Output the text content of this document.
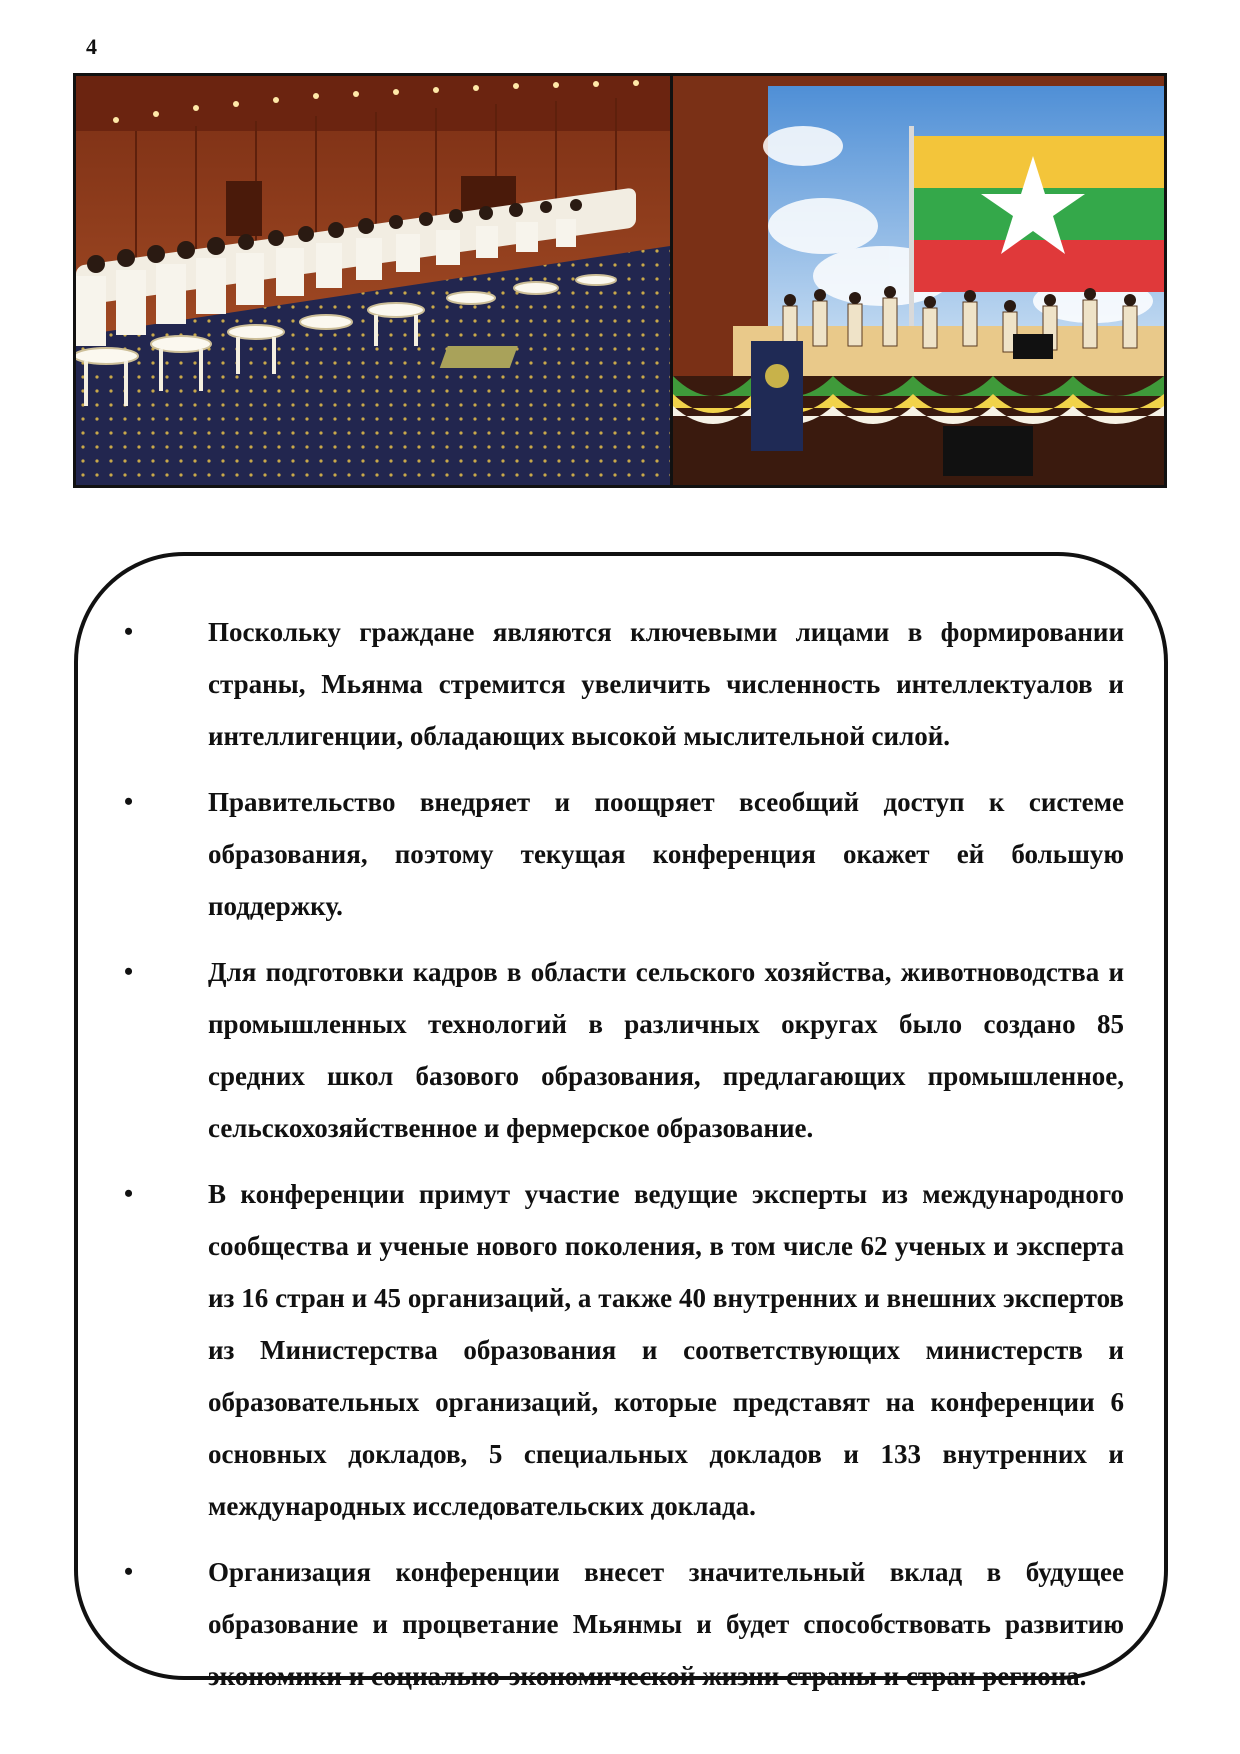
4
• Поскольку граждане являются ключевыми лицами в формировании страны, Мьянма стремится увеличить численность интеллектуалов и интеллигенции, обладающих высокой мыслительной силой.
• Правительство внедряет и поощряет всеобщий доступ к системе образования, поэтому текущая конференция окажет ей большую поддержку.
• Для подготовки кадров в области сельского хозяйства, животноводства и промышленных технологий в различных округах было создано 85 средних школ базового образования, предлагающих промышленное, сельскохозяйственное и фермерское образование.
• В конференции примут участие ведущие эксперты из международного сообщества и ученые нового поколения, в том числе 62 ученых и эксперта из 16 стран и 45 организаций, а также 40 внутренних и внешних экспертов из Министерства образования и соответствующих министерств и образовательных организаций, которые представят на конференции 6 основных докладов, 5 специальных докладов и 133 внутренних и международных исследовательских доклада.
• Организация конференции внесет значительный вклад в будущее образование и процветание Мьянмы и будет способствовать развитию экономики и социально-экономической жизни страны и стран региона.
